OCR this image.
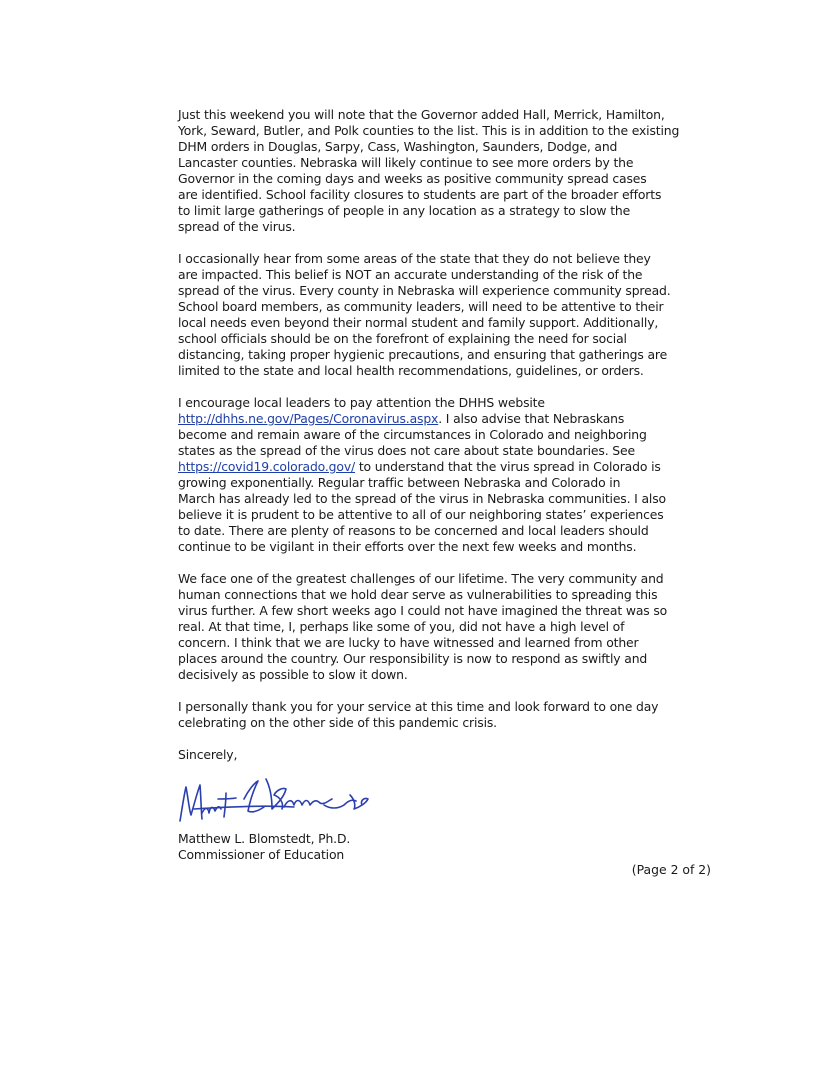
Just this weekend you will note that the Governor added Hall, Merrick, Hamilton,
York, Seward, Butler, and Polk counties to the list. This is in addition to the existing
DHM orders in Douglas, Sarpy, Cass, Washington, Saunders, Dodge, and
Lancaster counties. Nebraska will likely continue to see more orders by the
Governor in the coming days and weeks as positive community spread cases
are identified. School facility closures to students are part of the broader efforts
to limit large gatherings of people in any location as a strategy to slow the
spread of the virus.

I occasionally hear from some areas of the state that they do not believe they
are impacted. This belief is NOT an accurate understanding of the risk of the
spread of the virus. Every county in Nebraska will experience community spread.
School board members, as community leaders, will need to be attentive to their
local needs even beyond their normal student and family support. Additionally,
school officials should be on the forefront of explaining the need for social
distancing, taking proper hygienic precautions, and ensuring that gatherings are
limited to the state and local health recommendations, guidelines, or orders.

I encourage local leaders to pay attention the DHHS website
http://dhhs.ne.gov/Pages/Coronavirus.aspx. I also advise that Nebraskans
become and remain aware of the circumstances in Colorado and neighboring
states as the spread of the virus does not care about state boundaries. See
https://covid19.colorado.gov/ to understand that the virus spread in Colorado is
growing exponentially. Regular traffic between Nebraska and Colorado in
March has already led to the spread of the virus in Nebraska communities. I also
believe it is prudent to be attentive to all of our neighboring states’ experiences
to date. There are plenty of reasons to be concerned and local leaders should
continue to be vigilant in their efforts over the next few weeks and months.

We face one of the greatest challenges of our lifetime. The very community and
human connections that we hold dear serve as vulnerabilities to spreading this
virus further. A few short weeks ago I could not have imagined the threat was so
real. At that time, I, perhaps like some of you, did not have a high level of
concern. I think that we are lucky to have witnessed and learned from other
places around the country. Our responsibility is now to respond as swiftly and
decisively as possible to slow it down.

I personally thank you for your service at this time and look forward to one day
celebrating on the other side of this pandemic crisis.

Sincerely,
Matthew L. Blomstedt, Ph.D.
Commissioner of Education
(Page 2 of 2)
